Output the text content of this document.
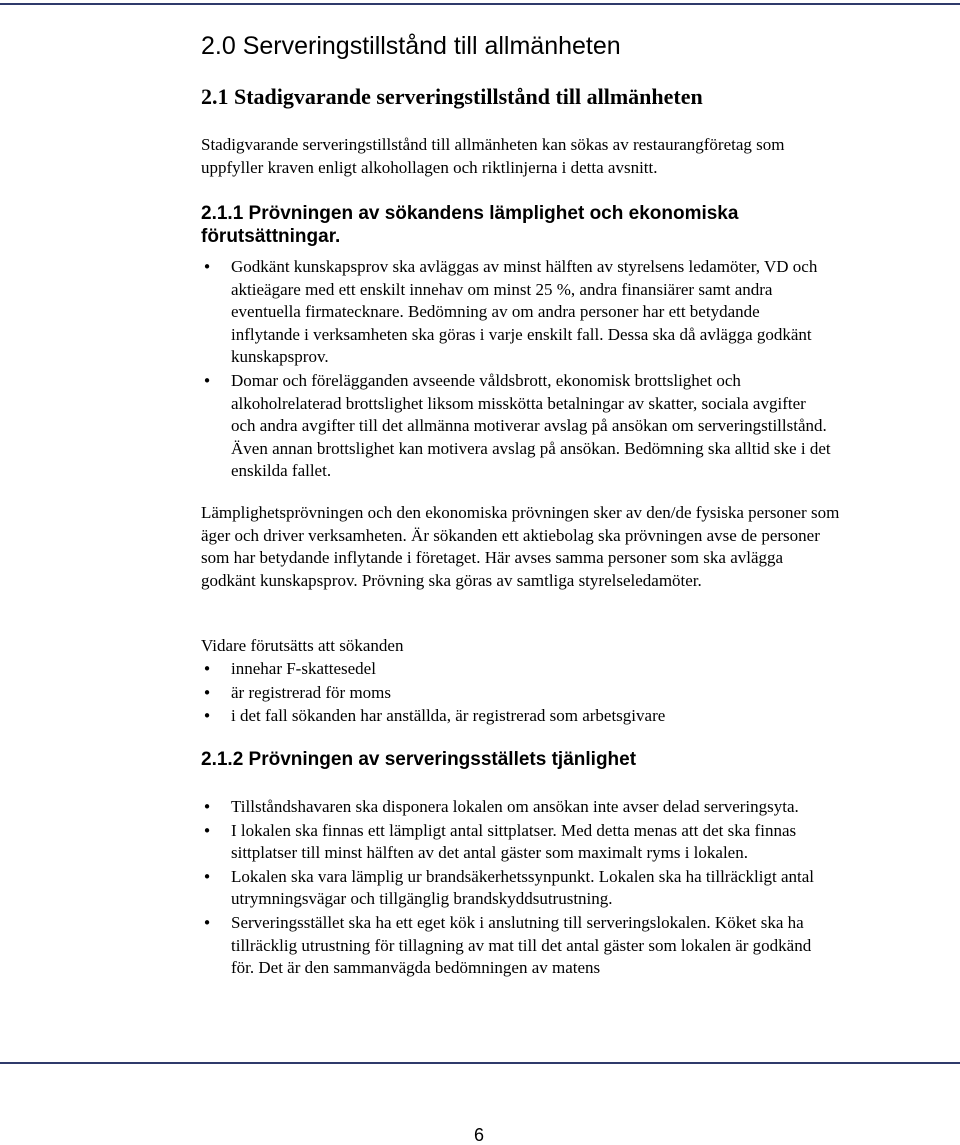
2.0 Serveringstillstånd till allmänheten
2.1 Stadigvarande serveringstillstånd till allmänheten

Stadigvarande serveringstillstånd till allmänheten kan sökas av restaurangföretag som uppfyller kraven enligt alkohollagen och riktlinjerna i detta avsnitt.

2.1.1 Prövningen av sökandens lämplighet och ekonomiska förutsättningar.
• Godkänt kunskapsprov ska avläggas av minst hälften av styrelsens ledamöter, VD och aktieägare med ett enskilt innehav om minst 25 %, andra finansiärer samt andra eventuella firmatecknare. Bedömning av om andra personer har ett betydande inflytande i verksamheten ska göras i varje enskilt fall. Dessa ska då avlägga godkänt kunskapsprov.
• Domar och förelägganden avseende våldsbrott, ekonomisk brottslighet och alkoholrelaterad brottslighet liksom misskötta betalningar av skatter, sociala avgifter och andra avgifter till det allmänna motiverar avslag på ansökan om serveringstillstånd. Även annan brottslighet kan motivera avslag på ansökan. Bedömning ska alltid ske i det enskilda fallet.

Lämplighetsprövningen och den ekonomiska prövningen sker av den/de fysiska personer som äger och driver verksamheten. Är sökanden ett aktiebolag ska prövningen avse de personer som har betydande inflytande i företaget. Här avses samma personer som ska avlägga godkänt kunskapsprov. Prövning ska göras av samtliga styrelseledamöter.

Vidare förutsätts att sökanden

• innehar F-skattesedel
• är registrerad för moms
• i det fall sökanden har anställda, är registrerad som arbetsgivare
2.1.2 Prövningen av serveringsställets tjänlighet
• Tillståndshavaren ska disponera lokalen om ansökan inte avser delad serveringsyta.
• I lokalen ska finnas ett lämpligt antal sittplatser. Med detta menas att det ska finnas sittplatser till minst hälften av det antal gäster som maximalt ryms i lokalen.
• Lokalen ska vara lämplig ur brandsäkerhetssynpunkt. Lokalen ska ha tillräckligt antal utrymningsvägar och tillgänglig brandskyddsutrustning.
• Serveringsstället ska ha ett eget kök i anslutning till serveringslokalen. Köket ska ha tillräcklig utrustning för tillagning av mat till det antal gäster som lokalen är godkänd för. Det är den sammanvägda bedömningen av matens
6
